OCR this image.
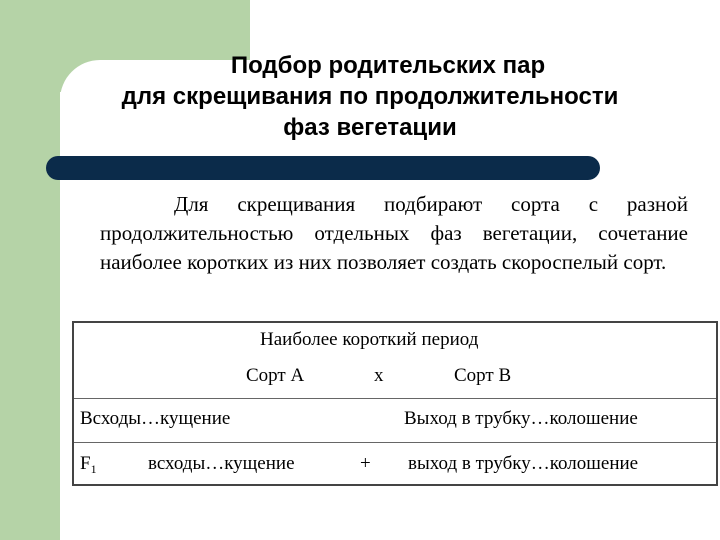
Подбор родительских пар
для скрещивания по продолжительности
фаз вегетации
Для скрещивания подбирают сорта с разной продолжительностью отдельных фаз вегетации, сочетание наиболее коротких из них позволяет создать скороспелый сорт.
Наиболее короткий период
Сорт А	х	Сорт В
Всходы…кущение	Выход в трубку…колошение
$F_1$	всходы…кущение	+ выход в трубку…колошение
